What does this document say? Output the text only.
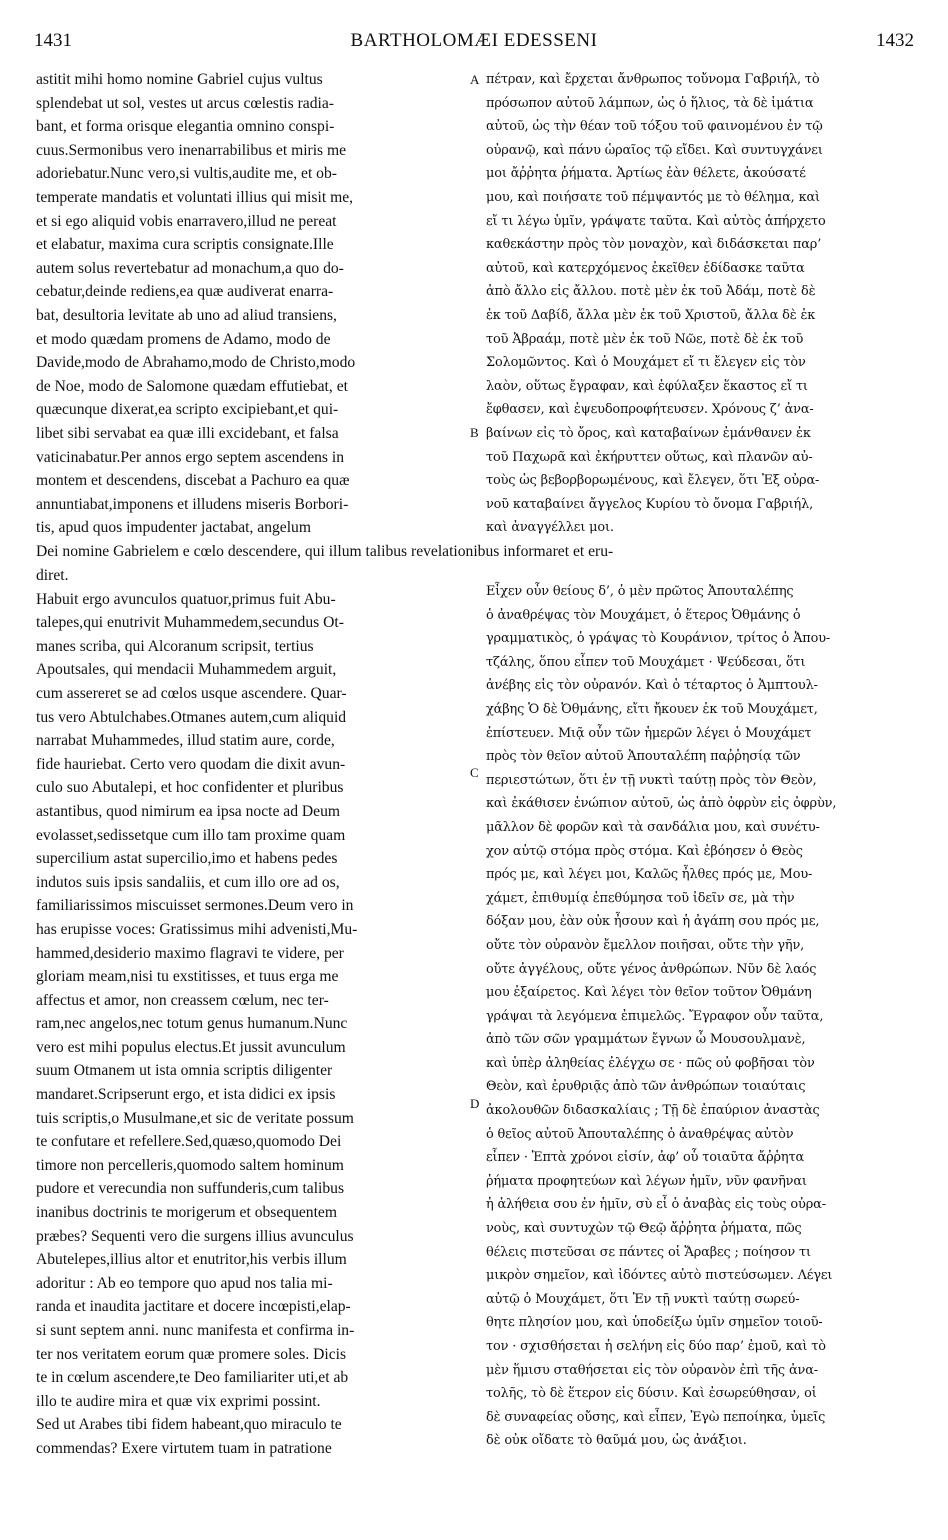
1431	BARTHOLOMÆI EDESSENI	1432
astitit mihi homo nomine Gabriel cujus vultus
splendebat ut sol, vestes ut arcus cœlestis radia-
bant, et forma orisque elegantia omnino conspi-
cuus.Sermonibus vero inenarrabilibus et miris me
adoriebatur.Nunc vero,si vultis,audite me, et ob-
temperate mandatis et voluntati illius qui misit me,
et si ego aliquid vobis enarravero,illud ne pereat
et elabatur, maxima cura scriptis consignate.Ille
autem solus revertebatur ad monachum,a quo do-
cebatur,deinde rediens,ea quæ audiverat enarra-
bat, desultoria levitate ab uno ad aliud transiens,
et modo quædam promens de Adamo, modo de
Davide,modo de Abrahamo,modo de Christo,modo
de Noe, modo de Salomone quædam effutiebat, et
quæcunque dixerat,ea scripto excipiebant,et qui-
libet sibi servabat ea quæ illi excidebant, et falsa
vaticinabatur.Per annos ergo septem ascendens in
montem et descendens, discebat a Pachuro ea quæ
annuntiabat,imponens et illudens miseris Borbori-
tis, apud quos impudenter jactabat, angelum
πέτραν, καὶ ἔρχεται ἄνθρωπος τοὔνομα Γαβριήλ, τὸ
πρόσωπον αὐτοῦ λάμπων, ὡς ὁ ἥλιος, τὰ δὲ ἱμάτια
αὐτοῦ, ὡς τὴν θέαν τοῦ τόξου τοῦ φαινομένου ἐν τῷ
οὐρανῷ, καὶ πάνυ ὡραῖος τῷ εἴδει. Καὶ συντυγχάνει
μοι ἄῤῥητα ῥήματα. Ἀρτίως ἐὰν θέλετε, ἀκούσατέ
μου, καὶ ποιήσατε τοῦ πέμψαντός με τὸ θέλημα, καὶ
εἴ τι λέγω ὑμῖν, γράψατε ταῦτα. Καὶ αὐτὸς ἀπήρχετο
καθεκάστην πρὸς τὸν μοναχὸν, καὶ διδάσκεται παρ’
αὐτοῦ, καὶ κατερχόμενος ἐκεῖθεν ἐδίδασκε ταῦτα
ἀπὸ ἄλλο εἰς ἄλλου. ποτὲ μὲν ἐκ τοῦ Ἀδάμ, ποτὲ δὲ
ἐκ τοῦ Δαβίδ, ἄλλα μὲν ἐκ τοῦ Χριστοῦ, ἄλλα δὲ ἐκ
τοῦ Ἀβραάμ, ποτὲ μὲν ἐκ τοῦ Νῶε, ποτὲ δὲ ἐκ τοῦ
Σολομῶντος. Καὶ ὁ Μουχάμετ εἴ τι ἔλεγεν εἰς τὸν
λαὸν, οὕτως ἔγραφαν, καὶ ἐφύλαξεν ἕκαστος εἴ τι
ἔφθασεν, καὶ ἐψευδοπροφήτευσεν. Χρόνους ζ’ ἀνα-
βαίνων εἰς τὸ ὄρος, καὶ καταβαίνων ἐμάνθανεν ἐκ
τοῦ Παχωρᾶ καὶ ἐκήρυττεν οὕτως, καὶ πλανῶν αὐ-
τοὺς ὡς βεβορβορωμένους, καὶ ἔλεγεν, ὅτι Ἐξ οὐρα-
νοῦ καταβαίνει ἄγγελος Κυρίου τὸ ὄνομα Γαβριήλ,
καὶ ἀναγγέλλει μοι.
A
B

Dei nomine Gabrielem e cœlo descendere, qui illum talibus revelationibus informaret et eru-

diret.
Habuit ergo avunculos quatuor,primus fuit Abu-
talepes,qui enutrivit Muhammedem,secundus Ot-
manes scriba, qui Alcoranum scripsit, tertius
Apoutsales, qui mendacii Muhammedem arguit,
cum assereret se ad cœlos usque ascendere. Quar-
tus vero Abtulchabes.Otmanes autem,cum aliquid
narrabat Muhammedes, illud statim aure, corde,
fide hauriebat. Certo vero quodam die dixit avun-
culo suo Abutalepi, et hoc confidenter et pluribus
astantibus, quod nimirum ea ipsa nocte ad Deum
evolasset,sedissetque cum illo tam proxime quam
supercilium astat supercilio,imo et habens pedes
indutos suis ipsis sandaliis, et cum illo ore ad os,
familiarissimos miscuisset sermones.Deum vero in
has erupisse voces: Gratissimus mihi advenisti,Mu-
hammed,desiderio maximo flagravi te videre, per
gloriam meam,nisi tu exstitisses, et tuus erga me
affectus et amor, non creassem cœlum, nec ter-
ram,nec angelos,nec totum genus humanum.Nunc
vero est mihi populus electus.Et jussit avunculum
suum Otmanem ut ista omnia scriptis diligenter
mandaret.Scripserunt ergo, et ista didici ex ipsis
tuis scriptis,o Musulmane,et sic de veritate possum
te confutare et refellere.Sed,quæso,quomodo Dei
timore non percelleris,quomodo saltem hominum
pudore et verecundia non suffunderis,cum talibus
inanibus doctrinis te morigerum et obsequentem
præbes? Sequenti vero die surgens illius avunculus
Abutelepes,illius altor et enutritor,his verbis illum
adoritur : Ab eo tempore quo apud nos talia mi-
randa et inaudita jactitare et docere incœpisti,elap-
si sunt septem anni. nunc manifesta et confirma in-
ter nos veritatem eorum quæ promere soles. Dicis
te in cœlum ascendere,te Deo familiariter uti,et ab
illo te audire mira et quæ vix exprimi possint.
Sed ut Arabes tibi fidem habeant,quo miraculo te
commendas? Exere virtutem tuam in patratione
Εἶχεν οὖν θείους δ’, ὁ μὲν πρῶτος Ἀπουταλέπης
ὁ ἀναθρέψας τὸν Μουχάμετ, ὁ ἕτερος Ὀθμάνης ὁ
γραμματικὸς, ὁ γράψας τὸ Κουράνιον, τρίτος ὁ Ἀπου-
τζάλης, ὅπου εἶπεν τοῦ Μουχάμετ · Ψεύδεσαι, ὅτι
ἀνέβης εἰς τὸν οὐρανόν. Καὶ ὁ τέταρτος ὁ Ἀμπτουλ-
χάβης Ὁ δὲ Ὀθμάνης, εἴτι ἤκουεν ἐκ τοῦ Μουχάμετ,
ἐπίστευεν. Μιᾷ οὖν τῶν ἡμερῶν λέγει ὁ Μουχάμετ
πρὸς τὸν θεῖον αὐτοῦ Ἀπουταλέπη παῤῥησίᾳ τῶν
περιεστώτων, ὅτι ἐν τῇ νυκτὶ ταύτῃ πρὸς τὸν Θεὸν,
καὶ ἐκάθισεν ἐνώπιον αὐτοῦ, ὡς ἀπὸ ὀφρὺν εἰς ὀφρὺν,
μᾶλλον δὲ φορῶν καὶ τὰ σανδάλια μου, καὶ συνέτυ-
χον αὐτῷ στόμα πρὸς στόμα. Καὶ ἐβόησεν ὁ Θεὸς
πρός με, καὶ λέγει μοι, Καλῶς ἦλθες πρός με, Μου-
χάμετ, ἐπιθυμίᾳ ἐπεθύμησα τοῦ ἰδεῖν σε, μὰ τὴν
δόξαν μου, ἐὰν οὐκ ἦσουν καὶ ἡ ἀγάπη σου πρός με,
οὔτε τὸν οὐρανὸν ἔμελλον ποιῆσαι, οὔτε τὴν γῆν,
οὔτε ἀγγέλους, οὔτε γένος ἀνθρώπων. Νῦν δὲ λαός
μου ἐξαίρετος. Καὶ λέγει τὸν θεῖον τοῦτον Ὀθμάνη
γράψαι τὰ λεγόμενα ἐπιμελῶς. Ἔγραφον οὖν ταῦτα,
ἀπὸ τῶν σῶν γραμμάτων ἔγνων ὦ Μουσουλμανὲ,
καὶ ὑπὲρ ἀληθείας ἐλέγχω σε · πῶς οὐ φοβῆσαι τὸν
Θεὸν, καὶ ἐρυθριᾷς ἀπὸ τῶν ἀνθρώπων τοιαύταις
ἀκολουθῶν διδασκαλίαις ; Τῇ δὲ ἐπαύριον ἀναστὰς
ὁ θεῖος αὐτοῦ Ἀπουταλέπης ὁ ἀναθρέψας αὐτὸν
εἶπεν · Ἑπτὰ χρόνοι εἰσίν, ἀφ’ οὗ τοιαῦτα ἄῤῥητα
ῥήματα προφητεύων καὶ λέγων ἡμῖν, νῦν φανῆναι
ἡ ἀλήθεια σου ἐν ἡμῖν, σὺ εἶ ὁ ἀναβὰς εἰς τοὺς οὐρα-
νοὺς, καὶ συντυχὼν τῷ Θεῷ ἄῤῥητα ῥήματα, πῶς
θέλεις πιστεῦσαι σε πάντες οἱ Ἄραβες ; ποίησον τι
μικρὸν σημεῖον, καὶ ἰδόντες αὐτὸ πιστεύσωμεν. Λέγει
αὐτῷ ὁ Μουχάμετ, ὅτι Ἐν τῇ νυκτὶ ταύτῃ σωρεύ-
θητε πλησίον μου, καὶ ὑποδείξω ὑμῖν σημεῖον τοιοῦ-
τον · σχισθήσεται ἡ σελήνη εἰς δύο παρ’ ἐμοῦ, καὶ τὸ
μὲν ἥμισυ σταθήσεται εἰς τὸν οὐρανὸν ἐπὶ τῆς ἀνα-
τολῆς, τὸ δὲ ἕτερον εἰς δύσιν. Καὶ ἐσωρεύθησαν, οἱ
δὲ συναφείας οὔσης, καὶ εἶπεν, Ἐγὼ πεποίηκα, ὑμεῖς
δὲ οὐκ οἴδατε τὸ θαῦμά μου, ὡς ἀνάξιοι.
C
D
